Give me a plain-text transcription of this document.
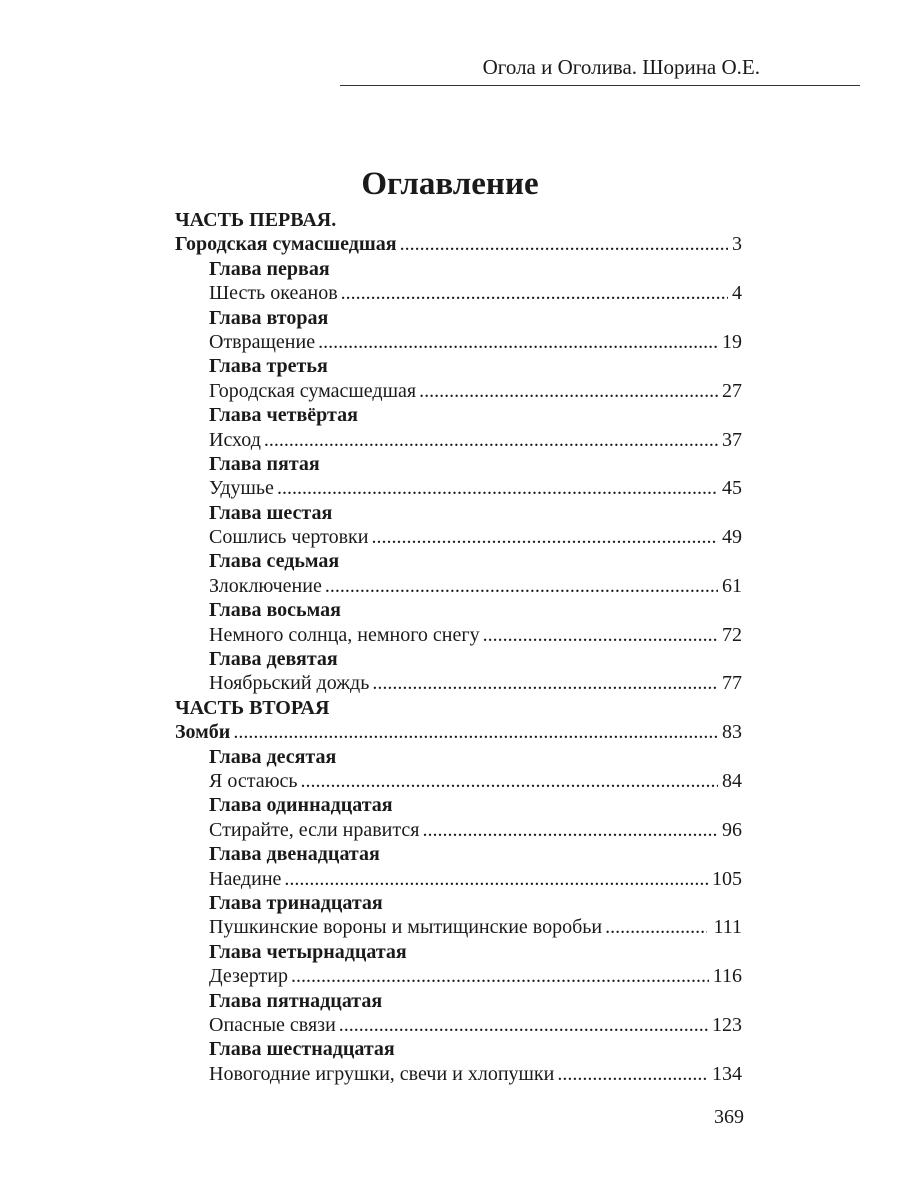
Огола и Оголива. Шорина О.Е.
Оглавление
ЧАСТЬ ПЕРВАЯ.
Городская сумасшедшая .....	3
Глава первая
Шесть океанов .....	4
Глава вторая
Отвращение .....	19
Глава третья
Городская сумасшедшая .....	27
Глава четвёртая
Исход .....	37
Глава пятая
Удушье .....	45
Глава шестая
Сошлись чертовки .....	49
Глава седьмая
Злоключение .....	61
Глава восьмая
Немного солнца, немного снегу .....	72
Глава девятая
Ноябрьский дождь .....	77
ЧАСТЬ ВТОРАЯ
Зомби .....	83
Глава десятая
Я остаюсь .....	84
Глава одиннадцатая
Стирайте, если нравится .....	96
Глава двенадцатая
Наедине .....	105
Глава тринадцатая
Пушкинские вороны и мытищинские воробьи .....	111
Глава четырнадцатая
Дезертир .....	116
Глава пятнадцатая
Опасные связи .....	123
Глава шестнадцатая
Новогодние игрушки, свечи и хлопушки .....	134
369
